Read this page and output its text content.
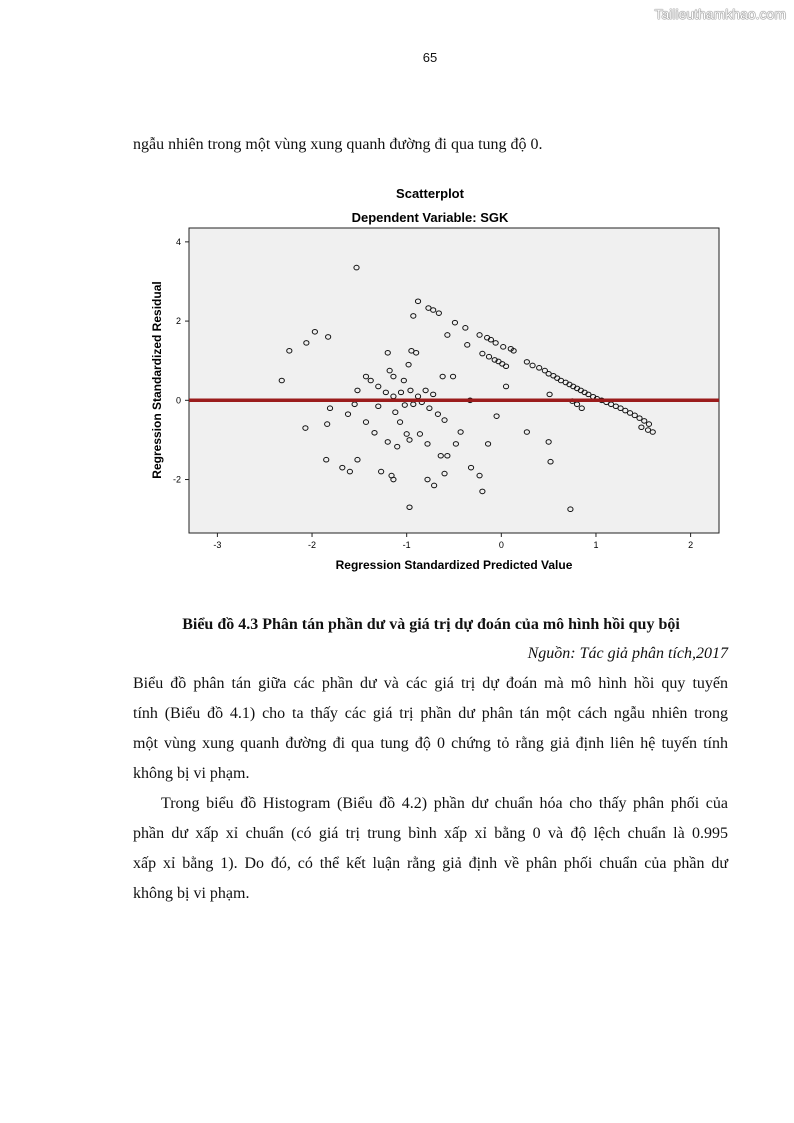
Tailieuthamkhao.com
65
ngẫu nhiên trong một vùng xung quanh đường đi qua tung độ 0.
Scatterplot
Dependent Variable: SGK
-3	-2	-1	0	1	2
-2
0
2
4
Regression Standardized Predicted Value
Regression Standardized Residual
Biểu đồ 4.3 Phân tán phần dư và giá trị dự đoán của mô hình hồi quy bội
Nguồn: Tác giả phân tích,2017
Biểu đồ phân tán giữa các phần dư và các giá trị dự đoán mà mô hình hồi quy tuyến
tính (Biểu đồ 4.1) cho ta thấy các giá trị phần dư phân tán một cách ngẫu nhiên trong
một vùng xung quanh đường đi qua tung độ 0 chứng tỏ rằng giả định liên hệ tuyến tính
không bị vi phạm.
Trong biểu đồ Histogram (Biểu đồ 4.2) phần dư chuẩn hóa cho thấy phân phối của
phần dư xấp xỉ chuẩn (có giá trị trung bình xấp xỉ bằng 0 và độ lệch chuẩn là 0.995
xấp xỉ bằng 1). Do đó, có thể kết luận rằng giả định về phân phối chuẩn của phần dư
không bị vi phạm.
